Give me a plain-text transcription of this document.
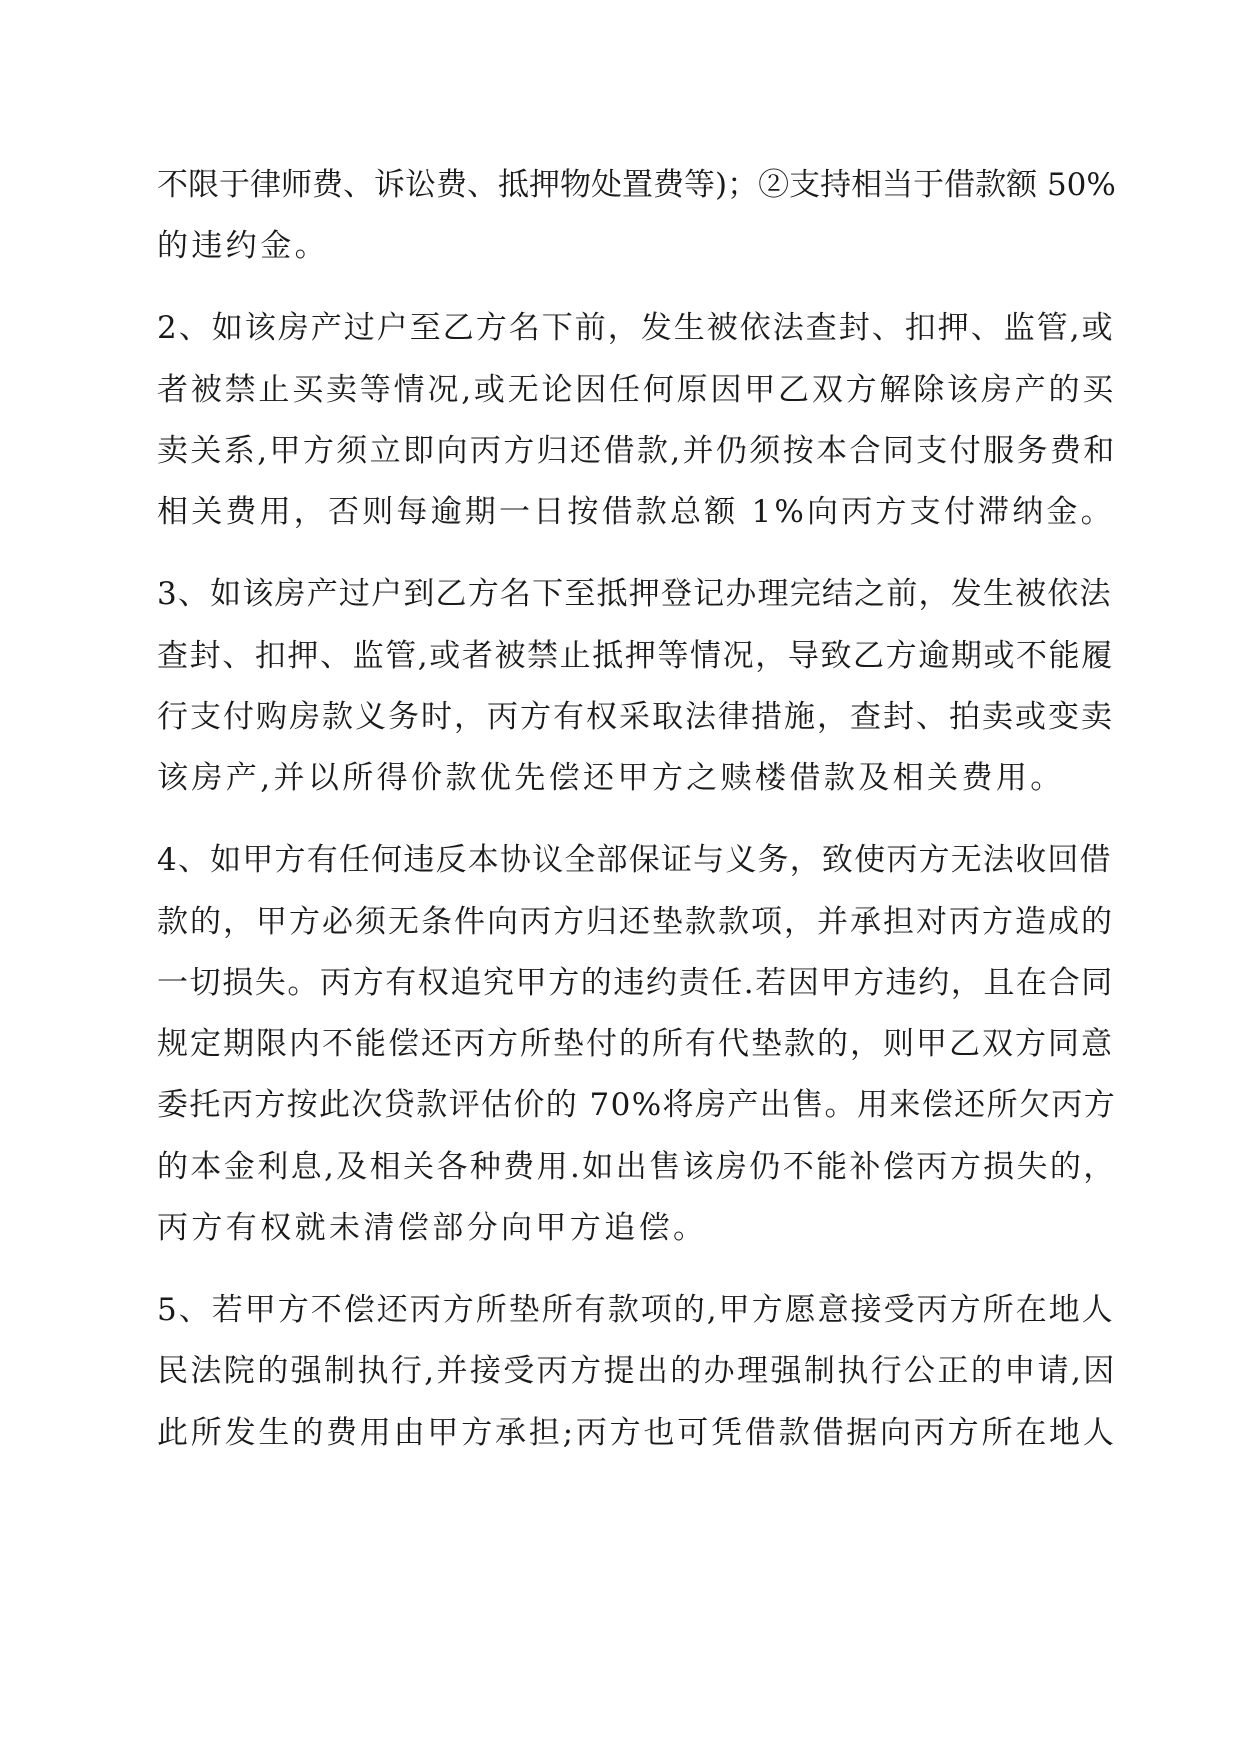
不限于律师费、诉讼费、抵押物处置费等)；②支持相当于借款额 50%
的违约金。
2、如该房产过户至乙方名下前，发生被依法查封、扣押、监管,或
者被禁止买卖等情况,或无论因任何原因甲乙双方解除该房产的买
卖关系,甲方须立即向丙方归还借款,并仍须按本合同支付服务费和
相关费用，否则每逾期一日按借款总额 1%向丙方支付滞纳金。
3、如该房产过户到乙方名下至抵押登记办理完结之前，发生被依法
查封、扣押、监管,或者被禁止抵押等情况，导致乙方逾期或不能履
行支付购房款义务时，丙方有权采取法律措施，查封、拍卖或变卖
该房产,并以所得价款优先偿还甲方之赎楼借款及相关费用。
4、如甲方有任何违反本协议全部保证与义务，致使丙方无法收回借
款的，甲方必须无条件向丙方归还垫款款项，并承担对丙方造成的
一切损失。丙方有权追究甲方的违约责任.若因甲方违约，且在合同
规定期限内不能偿还丙方所垫付的所有代垫款的，则甲乙双方同意
委托丙方按此次贷款评估价的 70%将房产出售。用来偿还所欠丙方
的本金利息,及相关各种费用.如出售该房仍不能补偿丙方损失的，
丙方有权就未清偿部分向甲方追偿。
5、若甲方不偿还丙方所垫所有款项的,甲方愿意接受丙方所在地人
民法院的强制执行,并接受丙方提出的办理强制执行公正的申请,因
此所发生的费用由甲方承担;丙方也可凭借款借据向丙方所在地人
